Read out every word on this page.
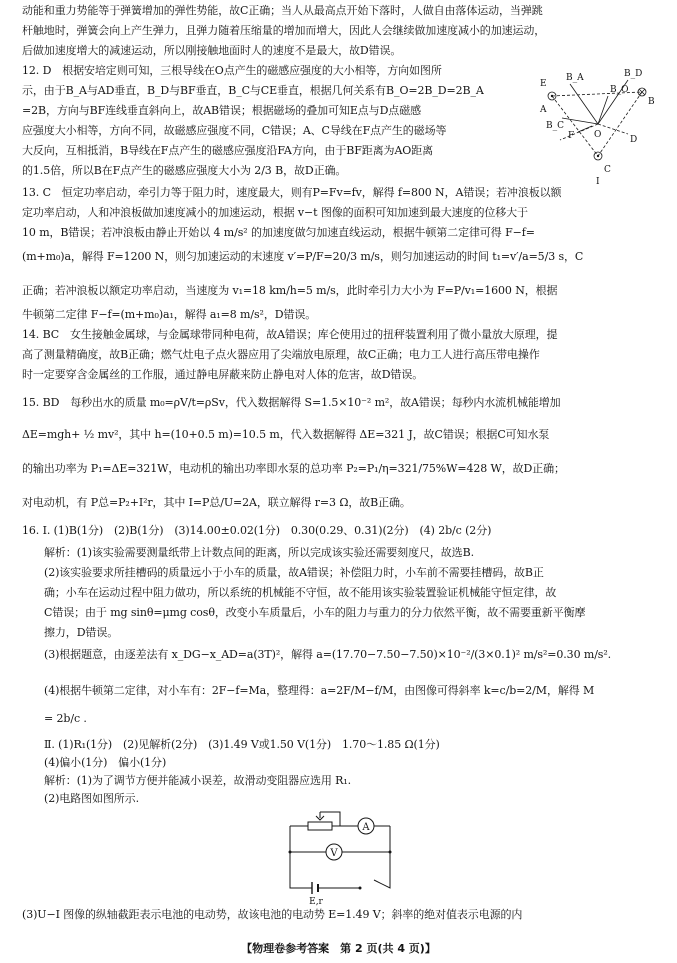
动能和重力势能等于弹簧增加的弹性势能，故C正确；当人从最高点开始下落时，人做自由落体运动，当弹跳
杆触地时，弹簧会向上产生弹力，且弹力随着压缩量的增加而增大，因此人会继续做加速度减小的加速运动，
后做加速度增大的减速运动，所以刚接触地面时人的速度不是最大，故D错误。
12. D　根据安培定则可知，三根导线在O点产生的磁感应强度的大小相等，方向如图所
示，由于B_A与AD垂直，B_D与BF垂直，B_C与CE垂直，根据几何关系有B_O=2B_D=2B_A
=2B，方向与BF连线垂直斜向上，故AB错误；根据磁场的叠加可知E点与D点磁感
应强度大小相等，方向不同，故磁感应强度不同，C错误；A、C导线在F点产生的磁场等
大反向，互相抵消，B导线在F点产生的磁感应强度沿FA方向，由于BF距离为AO距离
的1.5倍，所以B在F点产生的磁感应强度大小为 2/3 B，故D正确。
E
B_A	B_D
B
A
O	D
B_C
C
F
B_O
I
13. C　恒定功率启动，牵引力等于阻力时，速度最大，则有P=Fv=fv，解得 f=800 N，A错误；若冲浪板以额
定功率启动，人和冲浪板做加速度减小的加速运动，根据 v−t 图像的面积可知加速到最大速度的位移大于
10 m，B错误；若冲浪板由静止开始以 4 m/s² 的加速度做匀加速直线运动，根据牛顿第二定律可得 F−f=
(m+m₀)a，解得 F=1200 N，则匀加速运动的末速度 v′=P/F=20/3 m/s，则匀加速运动的时间 t₁=v′/a=5/3 s，C
正确；若冲浪板以额定功率启动，当速度为 v₁=18 km/h=5 m/s，此时牵引力大小为 F=P/v₁=1600 N，根据
牛顿第二定律 F−f=(m+m₀)a₁，解得 a₁=8 m/s²，D错误。
14. BC　女生接触金属球，与金属球带同种电荷，故A错误；库仑使用过的扭秤装置利用了微小量放大原理，提
高了测量精确度，故B正确；燃气灶电子点火器应用了尖端放电原理，故C正确；电力工人进行高压带电操作
时一定要穿含金属丝的工作服，通过静电屏蔽来防止静电对人体的危害，故D错误。
15. BD　每秒出水的质量 m₀=ρV/t=ρSv，代入数据解得 S=1.5×10⁻² m²，故A错误；每秒内水流机械能增加
ΔE=mgh+ ½ mv²，其中 h=(10+0.5 m)=10.5 m，代入数据解得 ΔE=321 J，故C错误；根据C可知水泵
的输出功率为 P₁=ΔE=321W，电动机的输出功率即水泵的总功率 P₂=P₁/η=321/75%W=428 W，故D正确；
对电动机，有 P总=P₂+I²r，其中 I=P总/U=2A，联立解得 r=3 Ω，故B正确。
16. Ⅰ. (1)B(1分)　(2)B(1分)　(3)14.00±0.02(1分)　0.30(0.29、0.31)(2分)　(4) 2b/c (2分)
解析：(1)该实验需要测量纸带上计数点间的距离，所以完成该实验还需要刻度尺，故选B.
(2)该实验要求所挂槽码的质量远小于小车的质量，故A错误；补偿阻力时，小车前不需要挂槽码，故B正
确；小车在运动过程中阻力做功，所以系统的机械能不守恒，故不能用该实验装置验证机械能守恒定律，故
C错误；由于 mg sinθ=μmg cosθ，改变小车质量后，小车的阻力与重力的分力依然平衡，故不需要重新平衡摩
擦力，D错误。
(3)根据题意，由逐差法有 x_DG−x_AD=a(3T)²，解得 a=(17.70−7.50−7.50)×10⁻²/(3×0.1)² m/s²=0.30 m/s².
(4)根据牛顿第二定律，对小车有：2F−f=Ma，整理得：a=2F/M−f/M，由图像可得斜率 k=c/b=2/M，解得 M
= 2b/c .
Ⅱ. (1)R₁(1分)　(2)见解析(2分)　(3)1.49 V或1.50 V(1分)　1.70～1.85 Ω(1分)
(4)偏小(1分)　偏小(1分)
解析：(1)为了调节方便并能减小误差，故滑动变阻器应选用 R₁.
(2)电路图如图所示.
A
V
E,r
(3)U−I 图像的纵轴截距表示电池的电动势，故该电池的电动势 E=1.49 V；斜率的绝对值表示电源的内
【物理卷参考答案　第 2 页(共 4 页)】
